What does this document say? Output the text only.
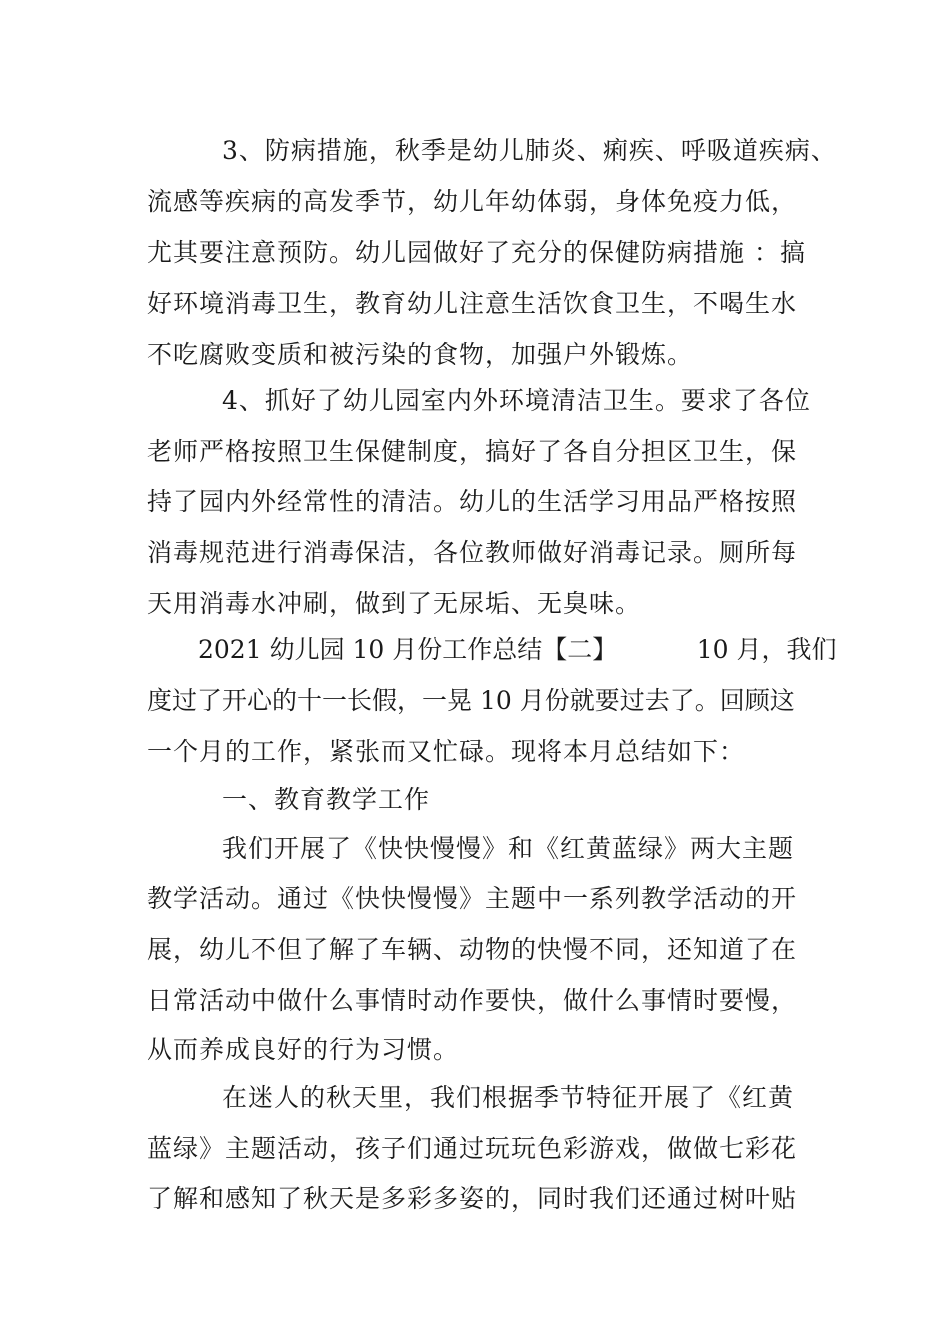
3、防病措施，秋季是幼儿肺炎、痢疾、呼吸道疾病、
流感等疾病的高发季节，幼儿年幼体弱，身体免疫力低，
尤其要注意预防。幼儿园做好了充分的保健防病措施 ：搞
好环境消毒卫生，教育幼儿注意生活饮食卫生，不喝生水
不吃腐败变质和被污染的食物，加强户外锻炼。
4、抓好了幼儿园室内外环境清洁卫生。要求了各位
老师严格按照卫生保健制度，搞好了各自分担区卫生，保
持了园内外经常性的清洁。幼儿的生活学习用品严格按照
消毒规范进行消毒保洁，各位教师做好消毒记录。厕所每
天用消毒水冲刷，做到了无尿垢、无臭味。
2021 幼儿园 10 月份工作总结【二】          10 月，我们
度过了开心的十一长假，一晃 10 月份就要过去了。回顾这
一个月的工作，紧张而又忙碌。现将本月总结如下：
一、教育教学工作
我们开展了《快快慢慢》和《红黄蓝绿》两大主题
教学活动。通过《快快慢慢》主题中一系列教学活动的开
展，幼儿不但了解了车辆、动物的快慢不同，还知道了在
日常活动中做什么事情时动作要快，做什么事情时要慢，
从而养成良好的行为习惯。
在迷人的秋天里，我们根据季节特征开展了《红黄
蓝绿》主题活动，孩子们通过玩玩色彩游戏，做做七彩花
了解和感知了秋天是多彩多姿的，同时我们还通过树叶贴
